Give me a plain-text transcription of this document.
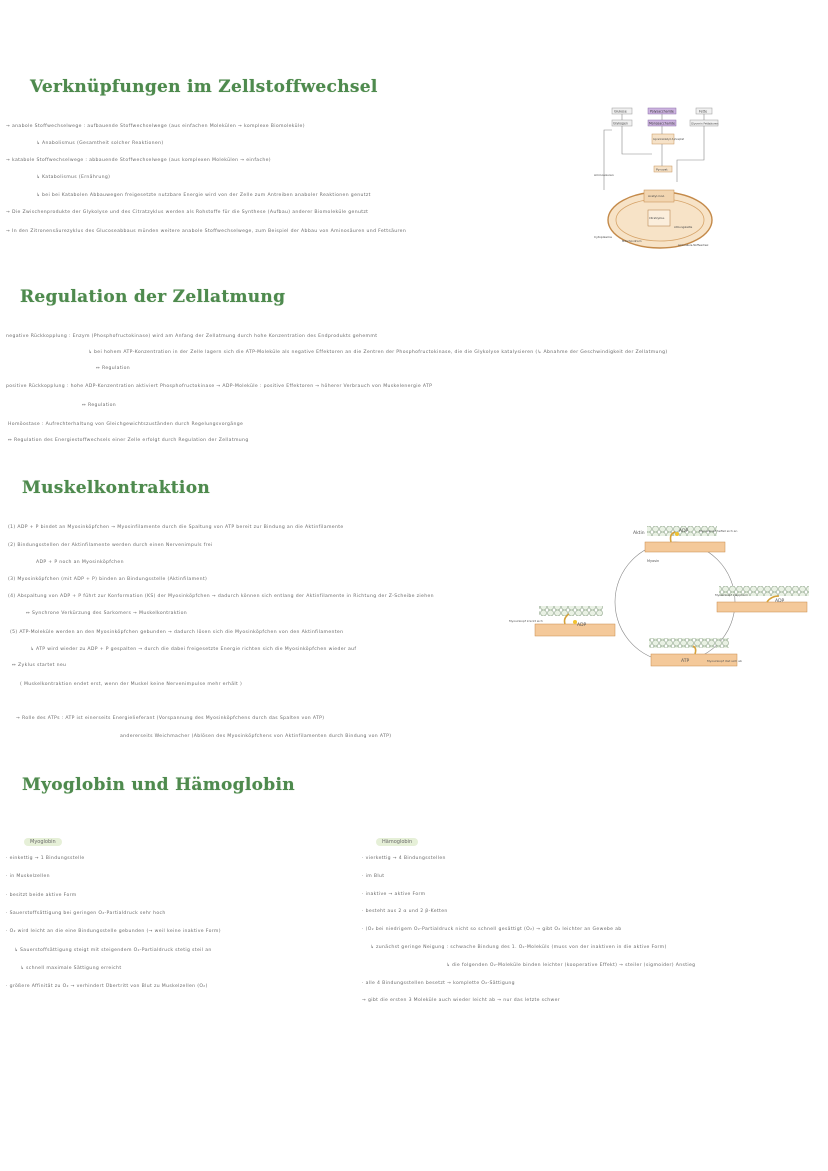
Verknüpfungen im Zellstoffwechsel
→ anabole Stoffwechselwege : aufbauende Stoffwechselwege (aus einfachen Molekülen → komplexe Biomoleküle)
↳ Anabolismus (Gesamtheit solcher Reaktionen)
→ katabole Stoffwechselwege : abbauende Stoffwechselwege (aus komplexen Molekülen → einfache)
↳ Katabolismus (Ernährung)
↳ bei bei Katabolen Abbauwegen freigesetzte nutzbare Energie wird von der Zelle zum Antreiben anaboler Reaktionen genutzt
→ Die Zwischenprodukte der Glykolyse und des Citratzyklus werden als Rohstoffe für die Synthese (Aufbau) anderer Biomoleküle genutzt
→ In den Zitronensäurezyklus des Glucoseabbaus münden weitere anabole Stoffwechselwege, zum Beispiel der Abbau von Aminosäuren und Fettsäuren
Glukose	Polysaccharide	Fette
Glykogen	Monosaccharide	Glycerin Fettsäuren
Glycerinaldehyd-3-phosphat
Pyruvat
Aminosäuren
Acetyl-CoA
Citratzyklus
Atmungskette
Cytoplasma
Mitochondrium
Aminosäure-Stoffwechsel
Regulation der Zellatmung
negative Rückkopplung : Enzym (Phosphofructokinase) wird am Anfang der Zellatmung durch hohe Konzentration des Endprodukts gehemmt
↳ bei hohem ATP-Konzentration in der Zelle lagern sich die ATP-Moleküle als negative Effektoren an die Zentren der Phosphofructokinase, die die Glykolyse katalysieren (↳ Abnahme der Geschwindigkeit der Zellatmung)
↔ Regulation
positive Rückkopplung : hohe ADP-Konzentration aktiviert Phosphofructokinase → ADP-Moleküle : positive Effektoren → höherer Verbrauch von Muskelenergie ATP
↔ Regulation
Homöostase : Aufrechterhaltung von Gleichgewichtszuständen durch Regelungsvorgänge
↔ Regulation des Energiestoffwechsels einer Zelle erfolgt durch Regulation der Zellatmung
Muskelkontraktion
(1) ADP + P bindet an Myosinköpfchen → Myosinfilamente durch die Spaltung von ATP bereit zur Bindung an die Aktinfilamente
(2) Bindungsstellen der Aktinfilamente werden durch einen Nervenimpuls frei
ADP + P noch an Myosinköpfchen
(3) Myosinköpfchen (mit ADP + P) binden an Bindungsstelle (Aktinfilament)
(4) Abspaltung von ADP + P führt zur Konformation (KS) der Myosinköpfchen → dadurch können sich entlang der Aktinfilamente in Richtung der Z-Scheibe ziehen
↔ Synchrone Verkürzung des Sarkomers → Muskelkontraktion
(5) ATP-Moleküle werden an den Myosinköpfchen gebunden → dadurch lösen sich die Myosinköpfchen von den Aktinfilamenten
↳ ATP wird wieder zu ADP + P gespalten → durch die dabei freigesetzte Energie richten sich die Myosinköpfchen wieder auf
↔ Zyklus startet neu
( Muskelkontraktion endet erst, wenn der Muskel keine Nervenimpulse mehr erhält )
→ Rolle des ATPs : ATP ist einerseits Energielieferant (Vorspannung des Myosinköpfchens durch das Spalten von ATP)
andererseits Weichmacher (Ablösen des Myosinköpfchens von Aktinfilamenten durch Bindung von ATP)
Aktin	ADP	Myosinkopf heftet sich an
Myosin
ADP
Myosinkopf klappt um
ATP	Myosinkopf löst sich ab
ADP
Myosinkopf knickt sich
Myoglobin und Hämoglobin
Myoglobin
· einkettig → 1 Bindungsstelle
· in Muskelzellen
· besitzt beide aktive Form
· Sauerstoffsättigung bei geringen O₂-Partialdruck sehr hoch
· O₂ wird leicht an die eine Bindungsstelle gebunden (→ weil keine inaktive Form)
↳ Sauerstoffsättigung steigt mit steigendem O₂-Partialdruck stetig steil an
↳ schnell maximale Sättigung erreicht
· größere Affinität zu O₂ → verhindert Übertritt von Blut zu Muskelzellen (O₂)
Hämoglobin
· vierkettig → 4 Bindungsstellen
· im Blut
· inaktive → aktive Form
· besteht aus 2 α und 2 β-Ketten
· (O₂ bei niedrigem O₂-Partialdruck nicht so schnell gesättigt (O₂) → gibt O₂ leichter an Gewebe ab
↳ zunächst geringe Neigung : schwache Bindung des 1. O₂-Moleküls (muss von der inaktiven in die aktive Form)
↳ die folgenden O₂-Moleküle binden leichter (kooperative Effekt) → steiler (sigmoider) Anstieg
· alle 4 Bindungsstellen besetzt → komplette O₂-Sättigung
→ gibt die ersten 3 Moleküle auch wieder leicht ab → nur das letzte schwer
